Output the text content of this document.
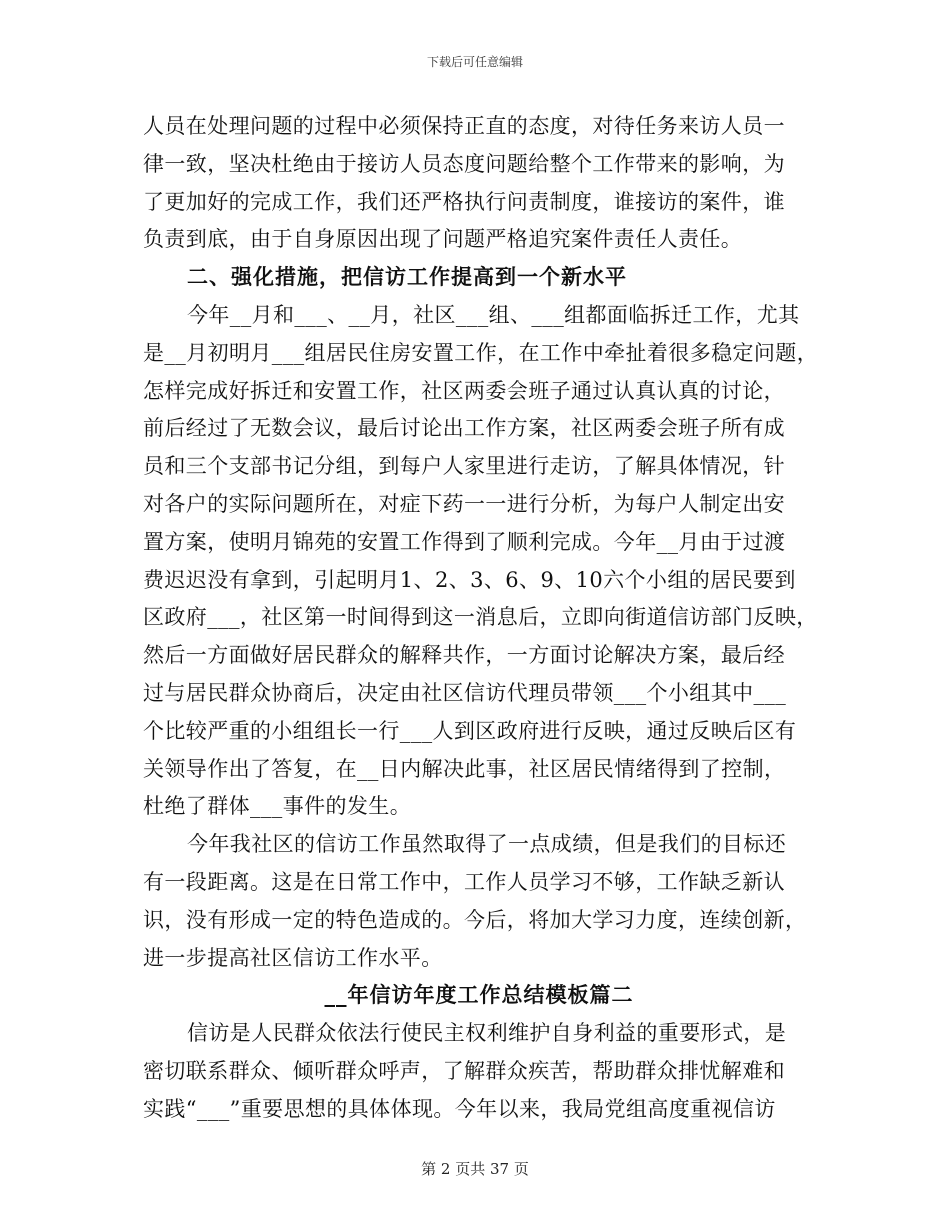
下载后可任意编辑
人员在处理问题的过程中必须保持正直的态度，对待任务来访人员一
律一致，坚决杜绝由于接访人员态度问题给整个工作带来的影响，为
了更加好的完成工作，我们还严格执行问责制度，谁接访的案件，谁
负责到底，由于自身原因出现了问题严格追究案件责任人责任。
二、强化措施，把信访工作提高到一个新水平
今年__月和___、__月，社区___组、___组都面临拆迁工作，尤其
是__月初明月___组居民住房安置工作，在工作中牵扯着很多稳定问题，
怎样完成好拆迁和安置工作，社区两委会班子通过认真认真的讨论，
前后经过了无数会议，最后讨论出工作方案，社区两委会班子所有成
员和三个支部书记分组，到每户人家里进行走访，了解具体情况，针
对各户的实际问题所在，对症下药一一进行分析，为每户人制定出安
置方案，使明月锦苑的安置工作得到了顺利完成。今年__月由于过渡
费迟迟没有拿到，引起明月1、2、3、6、9、10六个小组的居民要到
区政府___，社区第一时间得到这一消息后，立即向街道信访部门反映，
然后一方面做好居民群众的解释共作，一方面讨论解决方案，最后经
过与居民群众协商后，决定由社区信访代理员带领___个小组其中___
个比较严重的小组组长一行___人到区政府进行反映，通过反映后区有
关领导作出了答复，在__日内解决此事，社区居民情绪得到了控制，
杜绝了群体___事件的发生。
今年我社区的信访工作虽然取得了一点成绩，但是我们的目标还
有一段距离。这是在日常工作中，工作人员学习不够，工作缺乏新认
识，没有形成一定的特色造成的。今后，将加大学习力度，连续创新，
进一步提高社区信访工作水平。
__年信访年度工作总结模板篇二
信访是人民群众依法行使民主权利维护自身利益的重要形式，是
密切联系群众、倾听群众呼声，了解群众疾苦，帮助群众排忧解难和
实践“___”重要思想的具体体现。今年以来，我局党组高度重视信访
第 2 页共 37 页
